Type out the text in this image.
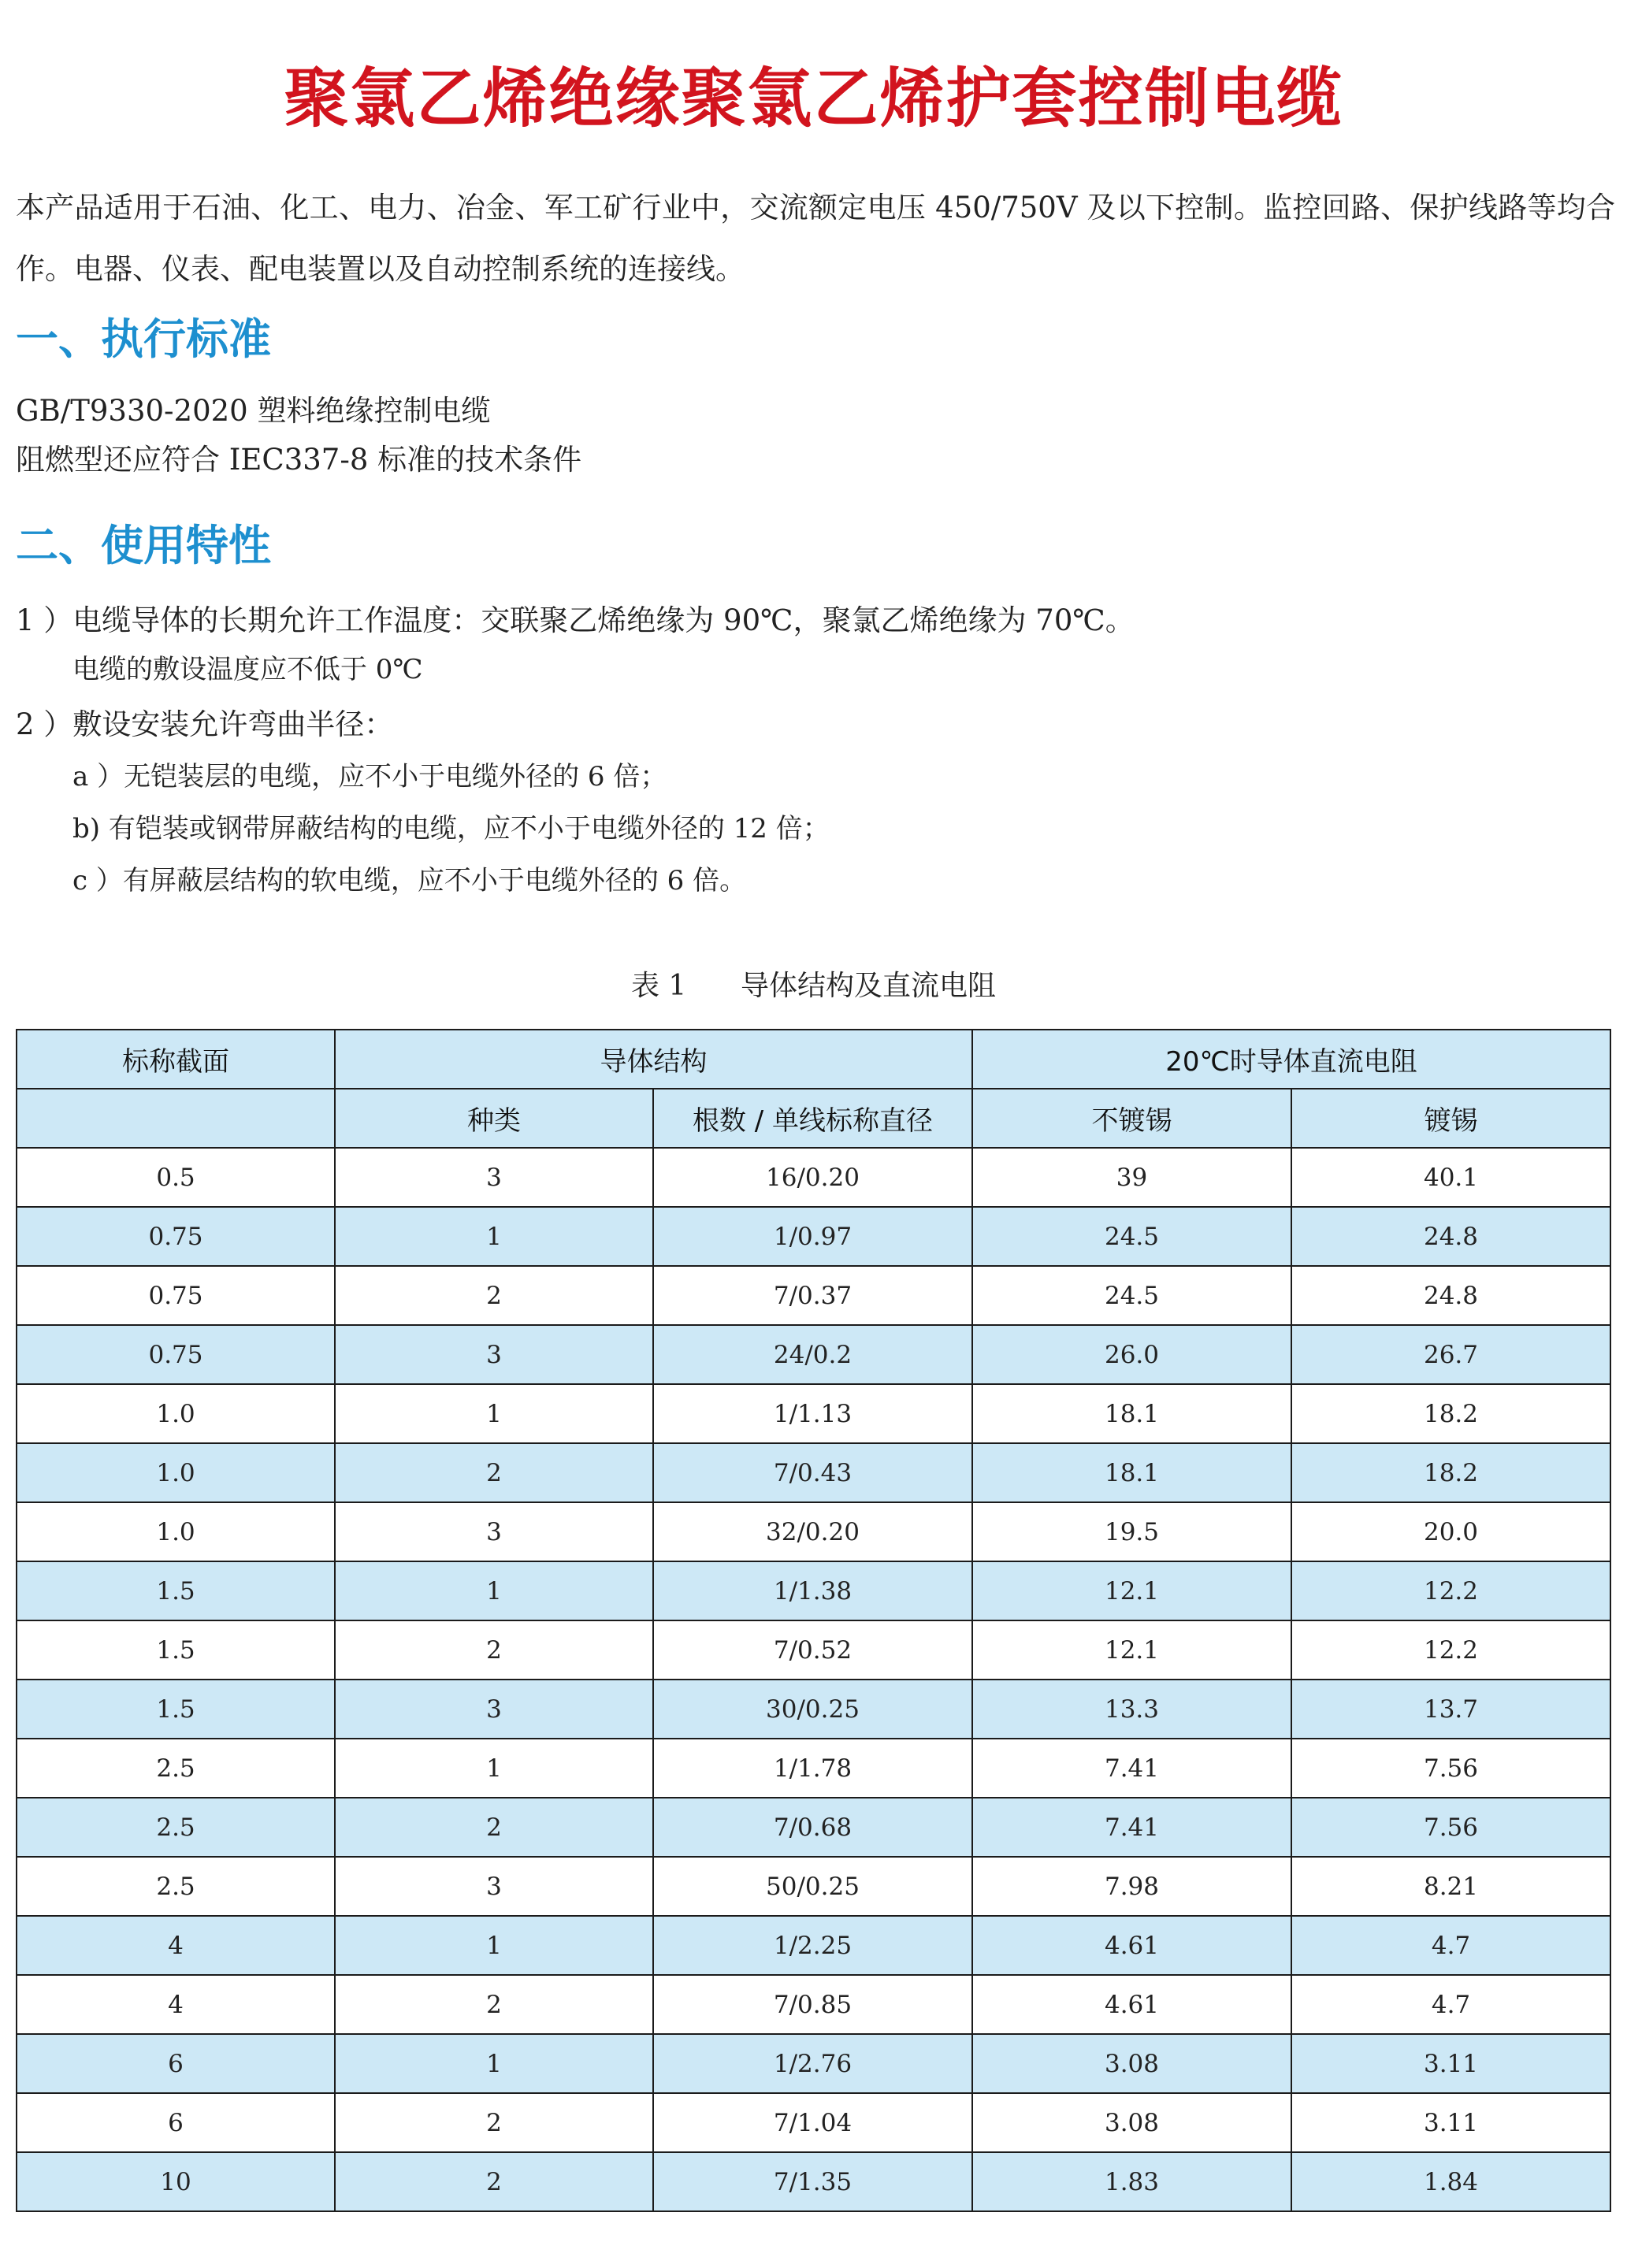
聚氯乙烯绝缘聚氯乙烯护套控制电缆

本产品适用于石油、化工、电力、冶金、军工矿行业中，交流额定电压 450/750V 及以下控制。监控回路、保护线路等均合作。电器、仪表、配电装置以及自动控制系统的连接线。

一、执行标准

GB/T9330-2020 塑料绝缘控制电缆

阻燃型还应符合 IEC337-8 标准的技术条件

二、使用特性

1 ）电缆导体的长期允许工作温度：交联聚乙烯绝缘为 90℃，聚氯乙烯绝缘为 70℃。

电缆的敷设温度应不低于 0℃

2 ）敷设安装允许弯曲半径：

a ）无铠装层的电缆，应不小于电缆外径的 6 倍；

b) 有铠装或钢带屏蔽结构的电缆，应不小于电缆外径的 12 倍；

c ）有屏蔽层结构的软电缆，应不小于电缆外径的 6 倍。

表 1      导体结构及直流电阻
标称截面	导体结构		20℃时导体直流电阻	
	种类	根数 / 单线标称直径	不镀锡	镀锡
0.5	3	16/0.20	39	40.1
0.75	1	1/0.97	24.5	24.8
0.75	2	7/0.37	24.5	24.8
0.75	3	24/0.2	26.0	26.7
1.0	1	1/1.13	18.1	18.2
1.0	2	7/0.43	18.1	18.2
1.0	3	32/0.20	19.5	20.0
1.5	1	1/1.38	12.1	12.2
1.5	2	7/0.52	12.1	12.2
1.5	3	30/0.25	13.3	13.7
2.5	1	1/1.78	7.41	7.56
2.5	2	7/0.68	7.41	7.56
2.5	3	50/0.25	7.98	8.21
4	1	1/2.25	4.61	4.7
4	2	7/0.85	4.61	4.7
6	1	1/2.76	3.08	3.11
6	2	7/1.04	3.08	3.11
10	2	7/1.35	1.83	1.84
